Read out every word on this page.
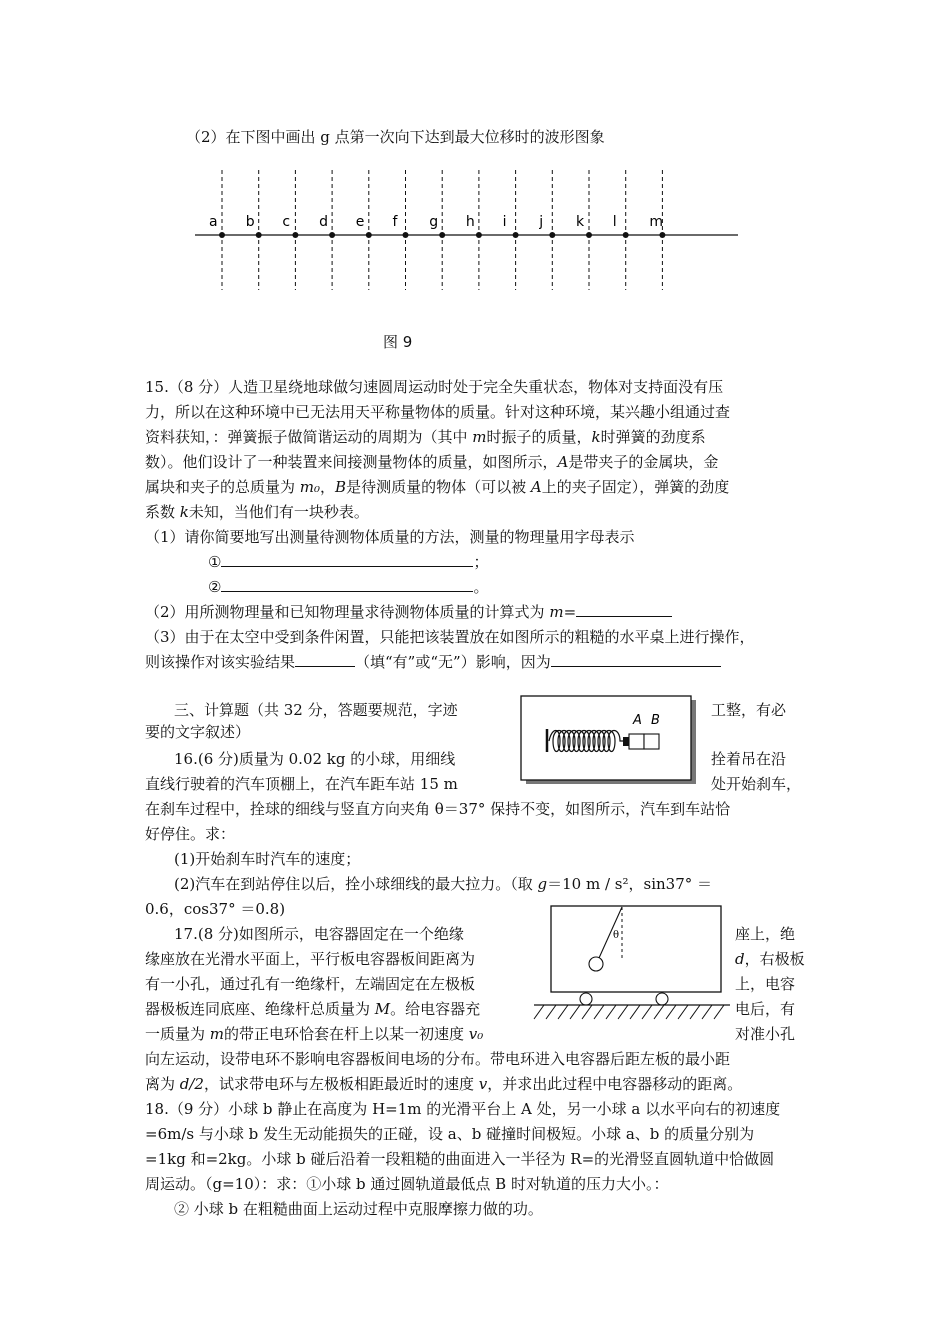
（2）在下图中画出 g 点第一次向下达到最大位移时的波形图象
a b c d e f g h i j k l m
图 9
15.（8 分）人造卫星绕地球做匀速圆周运动时处于完全失重状态，物体对支持面没有压
力，所以在这种环境中已无法用天平称量物体的质量。针对这种环境，某兴趣小组通过查
资料获知，：弹簧振子做简谐运动的周期为（其中 m时振子的质量，k时弹簧的劲度系
数）。他们设计了一种装置来间接测量物体的质量，如图所示，A是带夹子的金属块，金
属块和夹子的总质量为 m₀，B是待测质量的物体（可以被 A上的夹子固定），弹簧的劲度
系数 k未知，当他们有一块秒表。
（1）请你简要地写出测量待测物体质量的方法，测量的物理量用字母表示
①	；
②	。
（2）用所测物理量和已知物理量求待测物体质量的计算式为 m=
（3）由于在太空中受到条件闲置，只能把该装置放在如图所示的粗糙的水平桌上进行操作，
则该操作对该实验结果	（填“有”或“无”）影响，因为
A B
三、计算题（共 32 分，答题要规范，字迹	工整，有必
要的文字叙述）
16.(6 分)质量为 0.02 kg 的小球，用细线	拴着吊在沿
直线行驶着的汽车顶棚上，在汽车距车站 15 m	处开始刹车，
在刹车过程中，拴球的细线与竖直方向夹角 θ＝37° 保持不变，如图所示，汽车到车站恰
好停住。求：
(1)开始刹车时汽车的速度；
(2)汽车在到站停住以后，拴小球细线的最大拉力。（取 g＝10 m / s²，sin37° ＝
0.6，cos37° ＝0.8)
θ
17.(8 分)如图所示，电容器固定在一个绝缘	座上，绝
缘座放在光滑水平面上，平行板电容器板间距离为	d，右极板
有一小孔，通过孔有一绝缘杆，左端固定在左极板	上，电容
器极板连同底座、绝缘杆总质量为 M。给电容器充	电后，有
一质量为 m的带正电环恰套在杆上以某一初速度 v₀	对准小孔
向左运动，设带电环不影响电容器板间电场的分布。带电环进入电容器后距左板的最小距
离为 d/2，试求带电环与左极板相距最近时的速度 v，并求出此过程中电容器移动的距离。
18.（9 分）小球 b 静止在高度为 H=1m 的光滑平台上 A 处，另一小球 a 以水平向右的初速度
=6m/s 与小球 b 发生无动能损失的正碰，设 a、b 碰撞时间极短。小球 a、b 的质量分别为
=1kg 和=2kg。小球 b 碰后沿着一段粗糙的曲面进入一半径为 R=的光滑竖直圆轨道中恰做圆
周运动。（g=10）：求：①小球 b 通过圆轨道最低点 B 时对轨道的压力大小。：
② 小球 b 在粗糙曲面上运动过程中克服摩擦力做的功。
